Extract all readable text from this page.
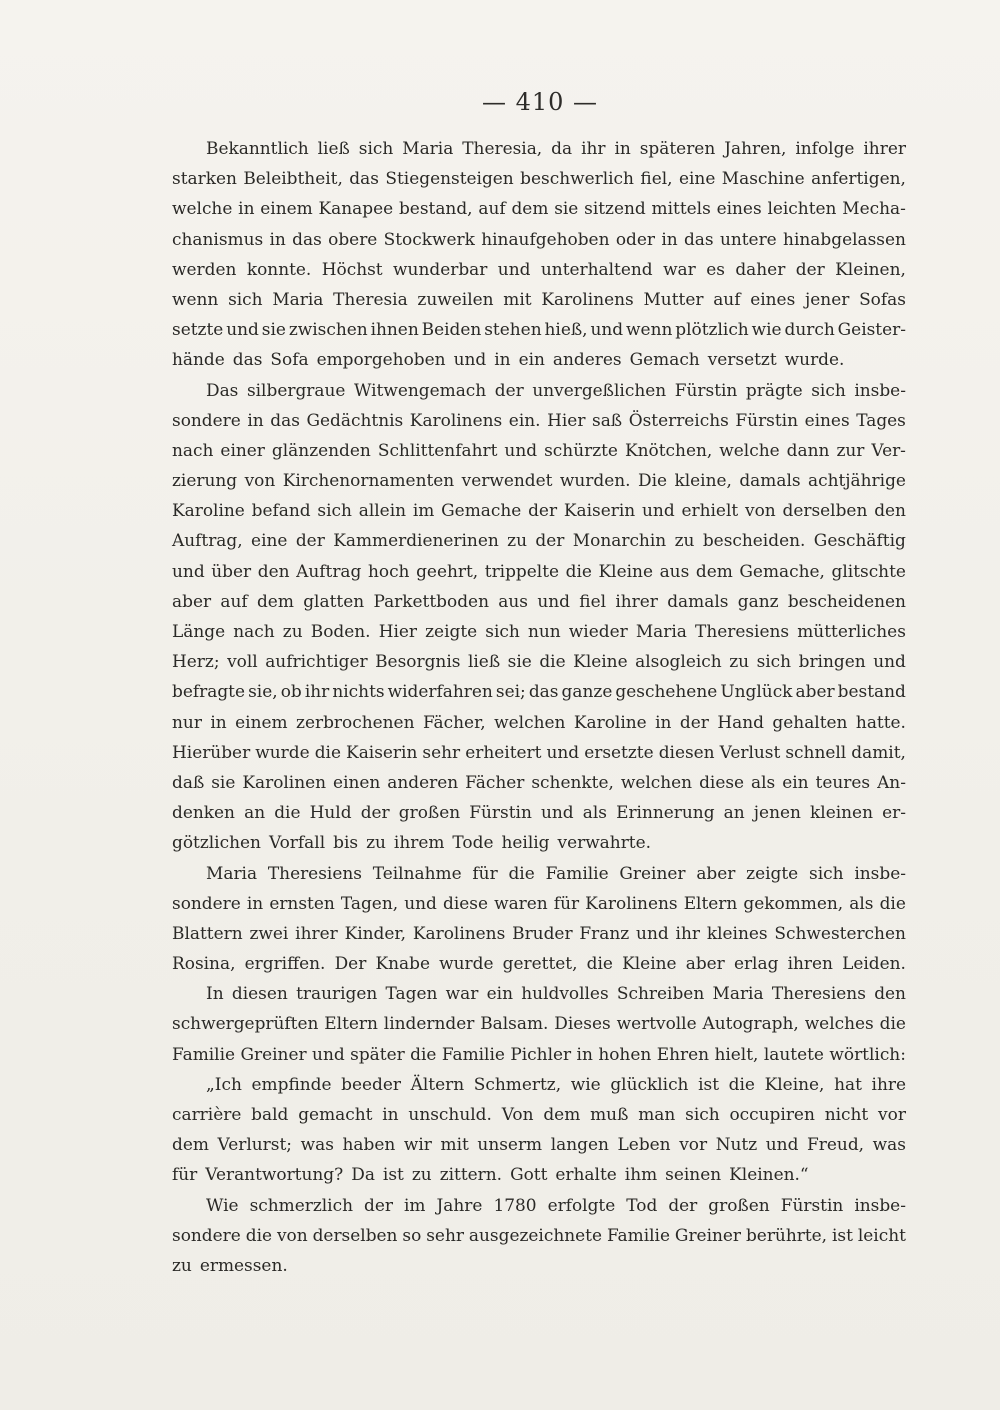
— 410 —
Bekanntlich ließ sich Maria Theresia, da ihr in späteren Jahren, infolge ihrer
starken Beleibtheit, das Stiegensteigen beschwerlich fiel, eine Maschine anfertigen,
welche in einem Kanapee bestand, auf dem sie sitzend mittels eines leichten Mecha-
chanismus in das obere Stockwerk hinaufgehoben oder in das untere hinabgelassen
werden konnte. Höchst wunderbar und unterhaltend war es daher der Kleinen,
wenn sich Maria Theresia zuweilen mit Karolinens Mutter auf eines jener Sofas
setzte und sie zwischen ihnen Beiden stehen hieß, und wenn plötzlich wie durch Geister-
hände das Sofa emporgehoben und in ein anderes Gemach versetzt wurde.
Das silbergraue Witwengemach der unvergeßlichen Fürstin prägte sich insbe-
sondere in das Gedächtnis Karolinens ein. Hier saß Österreichs Fürstin eines Tages
nach einer glänzenden Schlittenfahrt und schürzte Knötchen, welche dann zur Ver-
zierung von Kirchenornamenten verwendet wurden. Die kleine, damals achtjährige
Karoline befand sich allein im Gemache der Kaiserin und erhielt von derselben den
Auftrag, eine der Kammerdienerinen zu der Monarchin zu bescheiden. Geschäftig
und über den Auftrag hoch geehrt, trippelte die Kleine aus dem Gemache, glitschte
aber auf dem glatten Parkettboden aus und fiel ihrer damals ganz bescheidenen
Länge nach zu Boden. Hier zeigte sich nun wieder Maria Theresiens mütterliches
Herz; voll aufrichtiger Besorgnis ließ sie die Kleine alsogleich zu sich bringen und
befragte sie, ob ihr nichts widerfahren sei; das ganze geschehene Unglück aber bestand
nur in einem zerbrochenen Fächer, welchen Karoline in der Hand gehalten hatte.
Hierüber wurde die Kaiserin sehr erheitert und ersetzte diesen Verlust schnell damit,
daß sie Karolinen einen anderen Fächer schenkte, welchen diese als ein teures An-
denken an die Huld der großen Fürstin und als Erinnerung an jenen kleinen er-
götzlichen Vorfall bis zu ihrem Tode heilig verwahrte.
Maria Theresiens Teilnahme für die Familie Greiner aber zeigte sich insbe-
sondere in ernsten Tagen, und diese waren für Karolinens Eltern gekommen, als die
Blattern zwei ihrer Kinder, Karolinens Bruder Franz und ihr kleines Schwesterchen
Rosina, ergriffen. Der Knabe wurde gerettet, die Kleine aber erlag ihren Leiden.
In diesen traurigen Tagen war ein huldvolles Schreiben Maria Theresiens den
schwergeprüften Eltern lindernder Balsam. Dieses wertvolle Autograph, welches die
Familie Greiner und später die Familie Pichler in hohen Ehren hielt, lautete wörtlich:
„Ich empfinde beeder Ältern Schmertz, wie glücklich ist die Kleine, hat ihre
carrière bald gemacht in unschuld. Von dem muß man sich occupiren nicht vor
dem Verlurst; was haben wir mit unserm langen Leben vor Nutz und Freud, was
für Verantwortung? Da ist zu zittern. Gott erhalte ihm seinen Kleinen.“
Wie schmerzlich der im Jahre 1780 erfolgte Tod der großen Fürstin insbe-
sondere die von derselben so sehr ausgezeichnete Familie Greiner berührte, ist leicht
zu ermessen.
